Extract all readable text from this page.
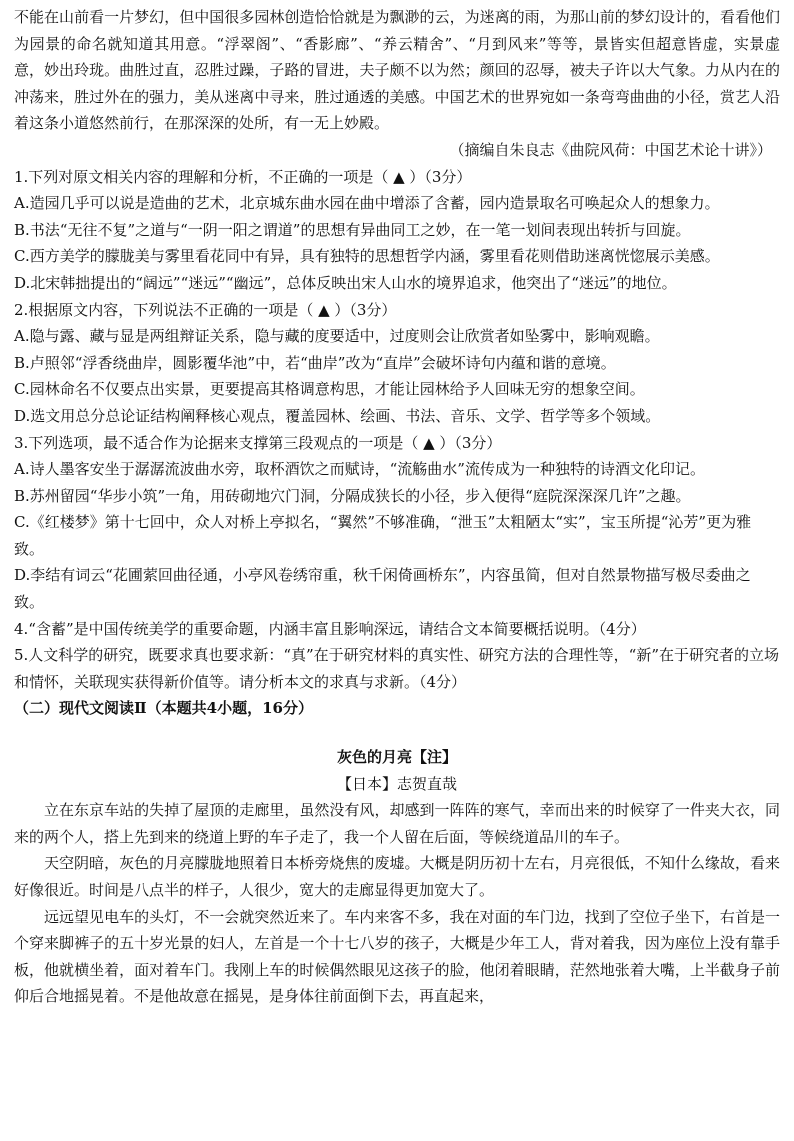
不能在山前看一片梦幻，但中国很多园林创造恰恰就是为飘渺的云，为迷离的雨，为那山前的梦幻设计的，看看他们为园景的命名就知道其用意。“浮翠阁”、“香影廊”、“养云精舍”、“月到风来”等等，景皆实但超意皆虚，实景虚意，妙出玲珑。曲胜过直，忍胜过躁，子路的冒进，夫子颇不以为然；颜回的忍辱，被夫子许以大气象。力从内在的冲荡来，胜过外在的强力，美从迷离中寻来，胜过通透的美感。中国艺术的世界宛如一条弯弯曲曲的小径，赏艺人沿着这条小道悠然前行，在那深深的处所，有一无上妙殿。

（摘编自朱良志《曲院风荷：中国艺术论十讲》）

1.下列对原文相关内容的理解和分析，不正确的一项是（ ▲ ）（3分）

A.造园几乎可以说是造曲的艺术，北京城东曲水园在曲中增添了含蓄，园内造景取名可唤起众人的想象力。

B.书法“无往不复”之道与“一阴一阳之谓道”的思想有异曲同工之妙，在一笔一划间表现出转折与回旋。

C.西方美学的朦胧美与雾里看花同中有异，具有独特的思想哲学内涵，雾里看花则借助迷离恍惚展示美感。

D.北宋韩拙提出的“阔远”“迷远”“幽远”，总体反映出宋人山水的境界追求，他突出了“迷远”的地位。

2.根据原文内容，下列说法不正确的一项是（ ▲ ）（3分）

A.隐与露、藏与显是两组辩证关系，隐与藏的度要适中，过度则会让欣赏者如坠雾中，影响观瞻。

B.卢照邻“浮香绕曲岸，圆影覆华池”中，若“曲岸”改为“直岸”会破坏诗句内蕴和谐的意境。

C.园林命名不仅要点出实景，更要提高其格调意构思，才能让园林给予人回味无穷的想象空间。

D.选文用总分总论证结构阐释核心观点，覆盖园林、绘画、书法、音乐、文学、哲学等多个领域。

3.下列选项，最不适合作为论据来支撑第三段观点的一项是（ ▲ ）（3分）

A.诗人墨客安坐于潺潺流波曲水旁，取杯酒饮之而赋诗，“流觞曲水”流传成为一种独特的诗酒文化印记。

B.苏州留园“华步小筑”一角，用砖砌地穴门洞，分隔成狭长的小径，步入便得“庭院深深深几许”之趣。

C.《红楼梦》第十七回中，众人对桥上亭拟名，“翼然”不够准确，“泄玉”太粗陋太“实”，宝玉所提“沁芳”更为雅致。

D.李结有词云“花圃萦回曲径通，小亭风卷绣帘重，秋千闲倚画桥东”，内容虽简，但对自然景物描写极尽委曲之致。

4.“含蓄”是中国传统美学的重要命题，内涵丰富且影响深远，请结合文本简要概括说明。（4分）

5.人文科学的研究，既要求真也要求新：“真”在于研究材料的真实性、研究方法的合理性等，“新”在于研究者的立场和情怀，关联现实获得新价值等。请分析本文的求真与求新。（4分）

（二）现代文阅读Ⅱ（本题共4小题，16分）

灰色的月亮【注】

【日本】志贺直哉

立在东京车站的失掉了屋顶的走廊里，虽然没有风，却感到一阵阵的寒气，幸而出来的时候穿了一件夹大衣，同来的两个人，搭上先到来的绕道上野的车子走了，我一个人留在后面，等候绕道品川的车子。

天空阴暗，灰色的月亮朦胧地照着日本桥旁烧焦的废墟。大概是阴历初十左右，月亮很低，不知什么缘故，看来好像很近。时间是八点半的样子，人很少，宽大的走廊显得更加宽大了。

远远望见电车的头灯，不一会就突然近来了。车内来客不多，我在对面的车门边，找到了空位子坐下，右首是一个穿来脚裤子的五十岁光景的妇人，左首是一个十七八岁的孩子，大概是少年工人，背对着我，因为座位上没有靠手板，他就横坐着，面对着车门。我刚上车的时候偶然眼见这孩子的脸，他闭着眼睛，茫然地张着大嘴，上半截身子前仰后合地摇晃着。不是他故意在摇晃，是身体往前面倒下去，再直起来，
